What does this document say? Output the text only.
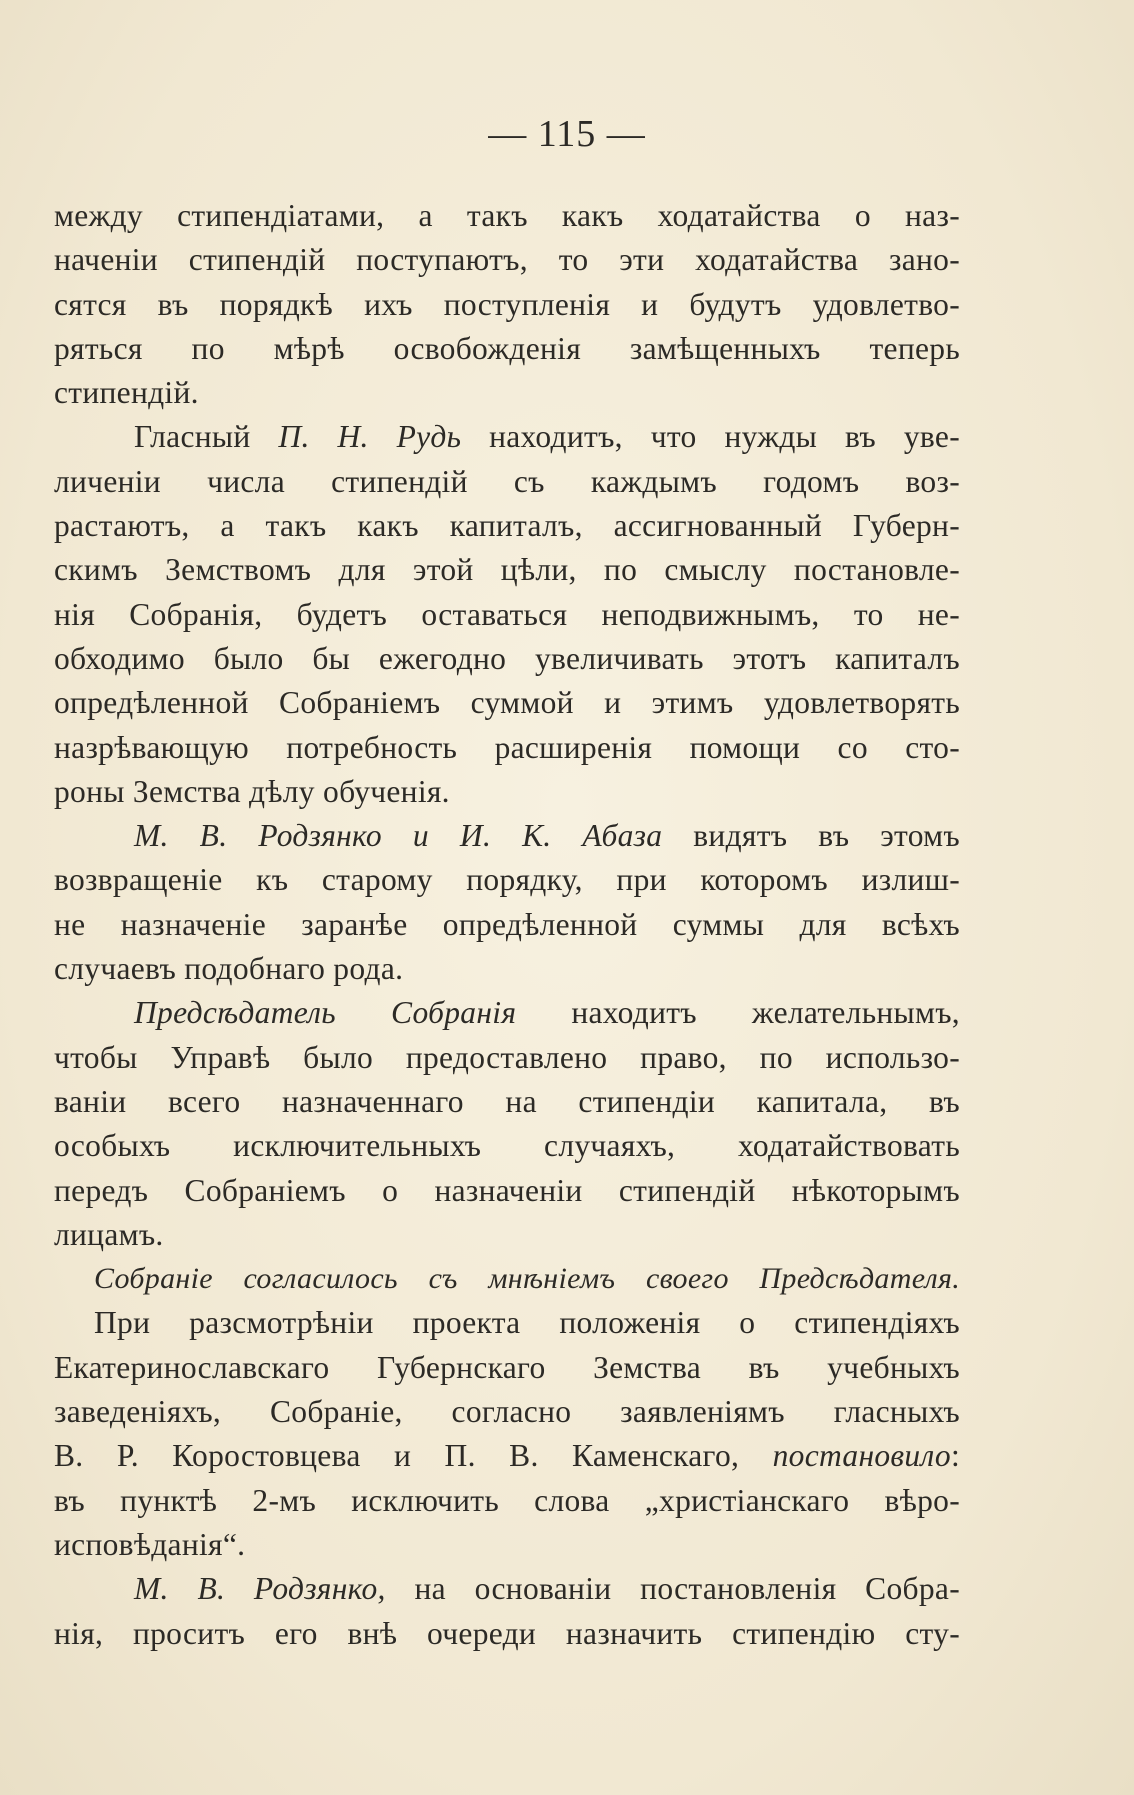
— 115 —
между стипендіатами, а такъ какъ ходатайства о наз-
наченіи стипендій поступаютъ, то эти ходатайства зано-
сятся въ порядкѣ ихъ поступленія и будутъ удовлетво-
ряться по мѣрѣ освобожденія замѣщенныхъ теперь
стипендій.
Гласный П. Н. Рудь находитъ, что нужды въ уве-
личеніи числа стипендій съ каждымъ годомъ воз-
растаютъ, а такъ какъ капиталъ, ассигнованный Губерн-
скимъ Земствомъ для этой цѣли, по смыслу постановле-
нія Собранія, будетъ оставаться неподвижнымъ, то не-
обходимо было бы ежегодно увеличивать этотъ капиталъ
опредѣленной Собраніемъ суммой и этимъ удовлетворять
назрѣвающую потребность расширенія помощи со сто-
роны Земства дѣлу обученія.
М. В. Родзянко и И. К. Абаза видятъ въ этомъ
возвращеніе къ старому порядку, при которомъ излиш-
не назначеніе заранѣе опредѣленной суммы для всѣхъ
случаевъ подобнаго рода.
Предсѣдатель Собранія находитъ желательнымъ,
чтобы Управѣ было предоставлено право, по использо-
ваніи всего назначеннаго на стипендіи капитала, въ
особыхъ исключительныхъ случаяхъ, ходатайствовать
передъ Собраніемъ о назначеніи стипендій нѣкоторымъ
лицамъ.
Собраніе согласилось съ мнѣніемъ своего Предсѣдателя.
При разсмотрѣніи проекта положенія о стипендіяхъ
Екатеринославскаго Губернскаго Земства въ учебныхъ
заведеніяхъ, Собраніе, согласно заявленіямъ гласныхъ
В. Р. Коростовцева и П. В. Каменскаго, постановило:
въ пунктѣ 2-мъ исключить слова „христіанскаго вѣро-
исповѣданія“.
М. В. Родзянко, на основаніи постановленія Собра-
нія, проситъ его внѣ очереди назначить стипендію сту-
